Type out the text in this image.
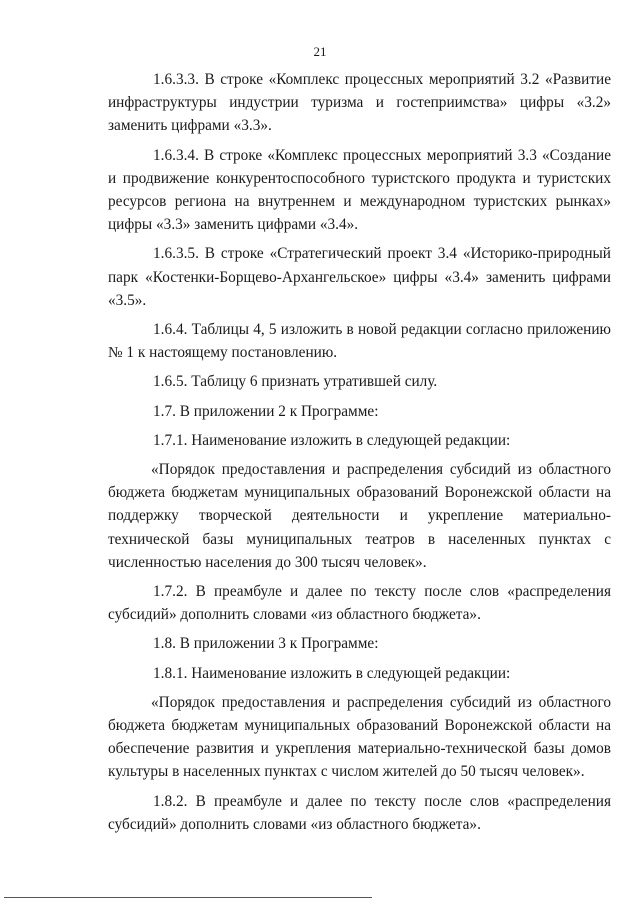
21

1.6.3.3. В строке «Комплекс процессных мероприятий 3.2 «Развитие инфраструктуры индустрии туризма и гостеприимства» цифры «3.2» заменить цифрами «3.3».

1.6.3.4. В строке «Комплекс процессных мероприятий 3.3 «Создание и продвижение конкурентоспособного туристского продукта и туристских ресурсов региона на внутреннем и международном туристских рынках» цифры «3.3» заменить цифрами «3.4».

1.6.3.5. В строке «Стратегический проект 3.4 «Историко-природный парк «Костенки-Борщево-Архангельское» цифры «3.4» заменить цифрами «3.5».

1.6.4. Таблицы 4, 5 изложить в новой редакции согласно приложению № 1 к настоящему постановлению.

1.6.5. Таблицу 6 признать утратившей силу.

1.7. В приложении 2 к Программе:

1.7.1. Наименование изложить в следующей редакции:

«Порядок предоставления и распределения субсидий из областного бюджета бюджетам муниципальных образований Воронежской области на поддержку творческой деятельности и укрепление материально-технической базы муниципальных театров в населенных пунктах с численностью населения до 300 тысяч человек».

1.7.2. В преамбуле и далее по тексту после слов «распределения субсидий» дополнить словами «из областного бюджета».

1.8. В приложении 3 к Программе:

1.8.1. Наименование изложить в следующей редакции:

«Порядок предоставления и распределения субсидий из областного бюджета бюджетам муниципальных образований Воронежской области на обеспечение развития и укрепления материально-технической базы домов культуры в населенных пунктах с числом жителей до 50 тысяч человек».

1.8.2. В преамбуле и далее по тексту после слов «распределения субсидий» дополнить словами «из областного бюджета».
